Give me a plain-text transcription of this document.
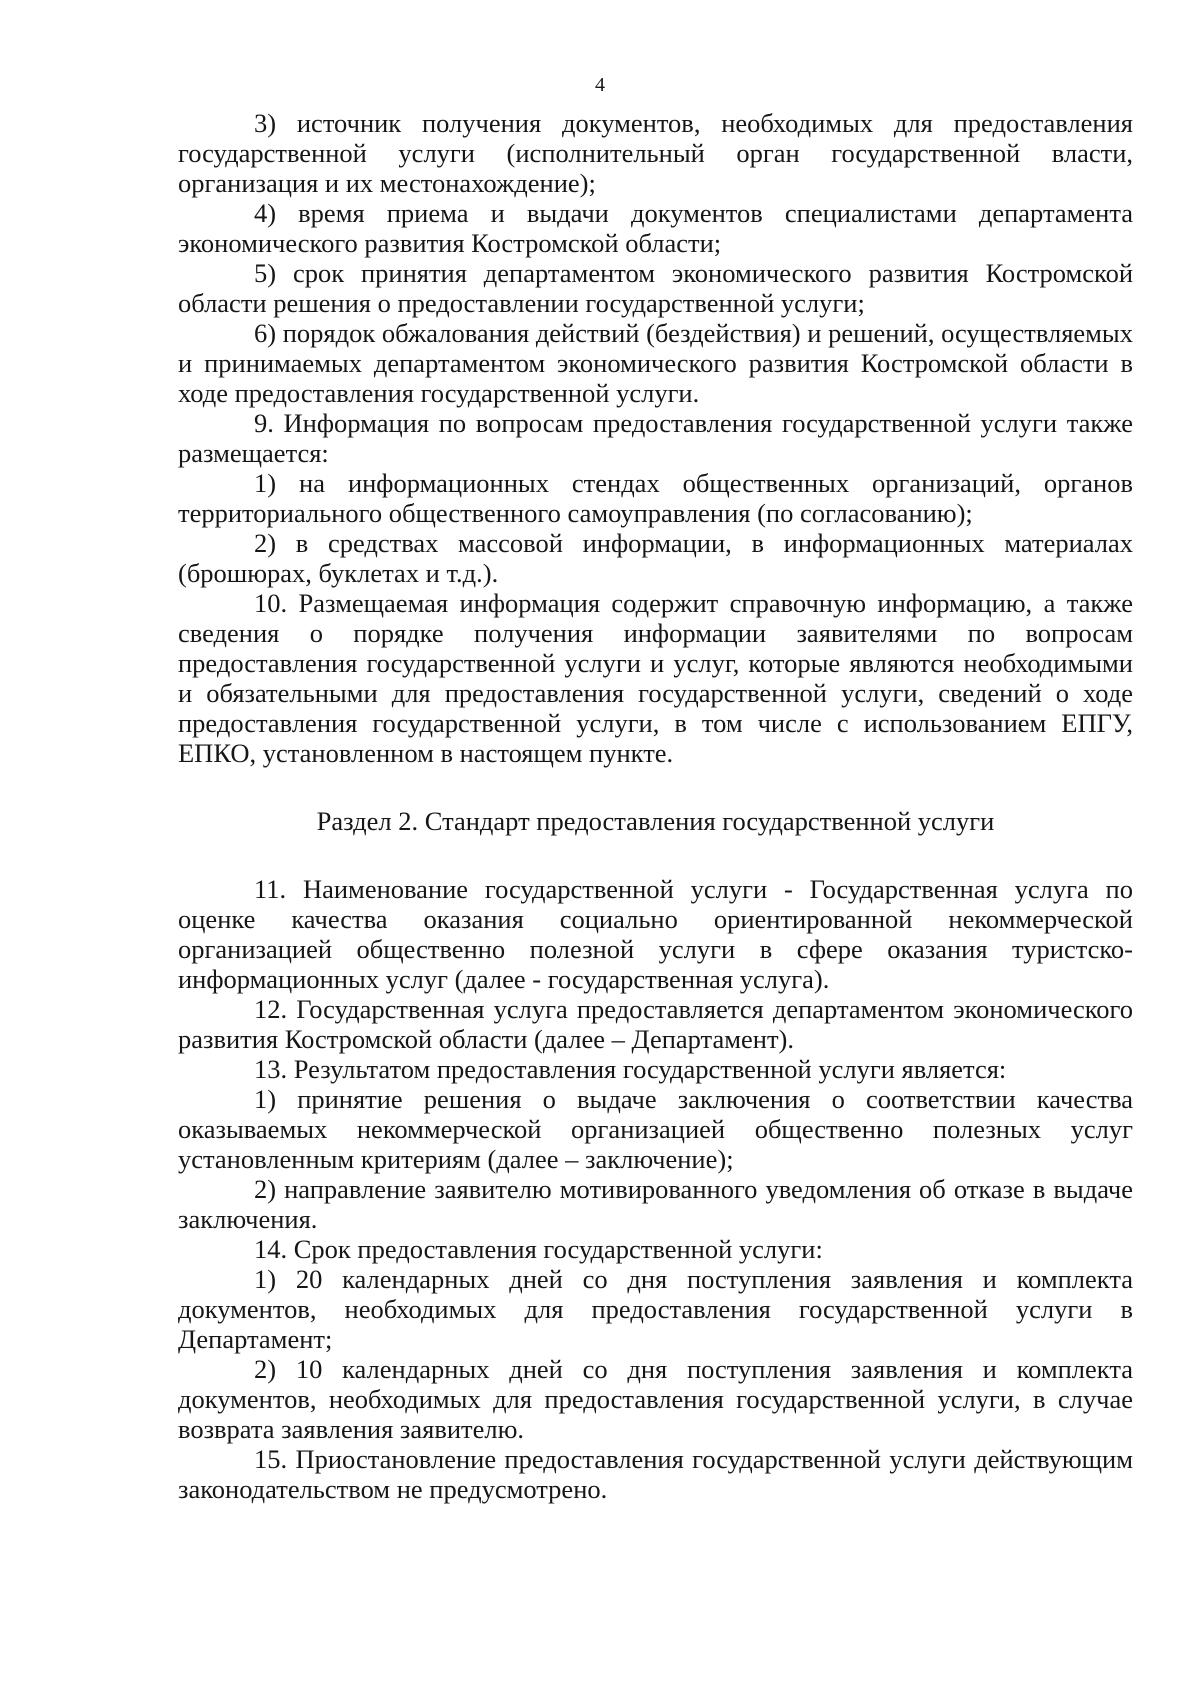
4

3) источник получения документов, необходимых для предоставления государственной услуги (исполнительный орган государственной власти, организация и их местонахождение);

4) время приема и выдачи документов специалистами департамента экономического развития Костромской области;

5) срок принятия департаментом экономического развития Костромской области решения о предоставлении государственной услуги;

6) порядок обжалования действий (бездействия) и решений, осуществляемых и принимаемых департаментом экономического развития Костромской области в ходе предоставления государственной услуги.

9. Информация по вопросам предоставления государственной услуги также размещается:

1) на информационных стендах общественных организаций, органов территориального общественного самоуправления (по согласованию);

2) в средствах массовой информации, в информационных материалах (брошюрах, буклетах и т.д.).

10. Размещаемая информация содержит справочную информацию, а также сведения о порядке получения информации заявителями по вопросам предоставления государственной услуги и услуг, которые являются необходимыми и обязательными для предоставления государственной услуги, сведений о ходе предоставления государственной услуги, в том числе с использованием ЕПГУ, ЕПКО, установленном в настоящем пункте.

Раздел 2. Стандарт предоставления государственной услуги

11. Наименование государственной услуги - Государственная услуга по оценке качества оказания социально ориентированной некоммерческой организацией общественно полезной услуги в сфере оказания туристско-информационных услуг (далее - государственная услуга).

12. Государственная услуга предоставляется департаментом экономического развития Костромской области (далее – Департамент).

13. Результатом предоставления государственной услуги является:

1) принятие решения о выдаче заключения о соответствии качества оказываемых некоммерческой организацией общественно полезных услуг установленным критериям (далее – заключение);

2) направление заявителю мотивированного уведомления об отказе в выдаче заключения.

14. Срок предоставления государственной услуги:

1) 20 календарных дней со дня поступления заявления и комплекта документов, необходимых для предоставления государственной услуги в Департамент;

2) 10 календарных дней со дня поступления заявления и комплекта документов, необходимых для предоставления государственной услуги, в случае возврата заявления заявителю.

15. Приостановление предоставления государственной услуги действующим законодательством не предусмотрено.
